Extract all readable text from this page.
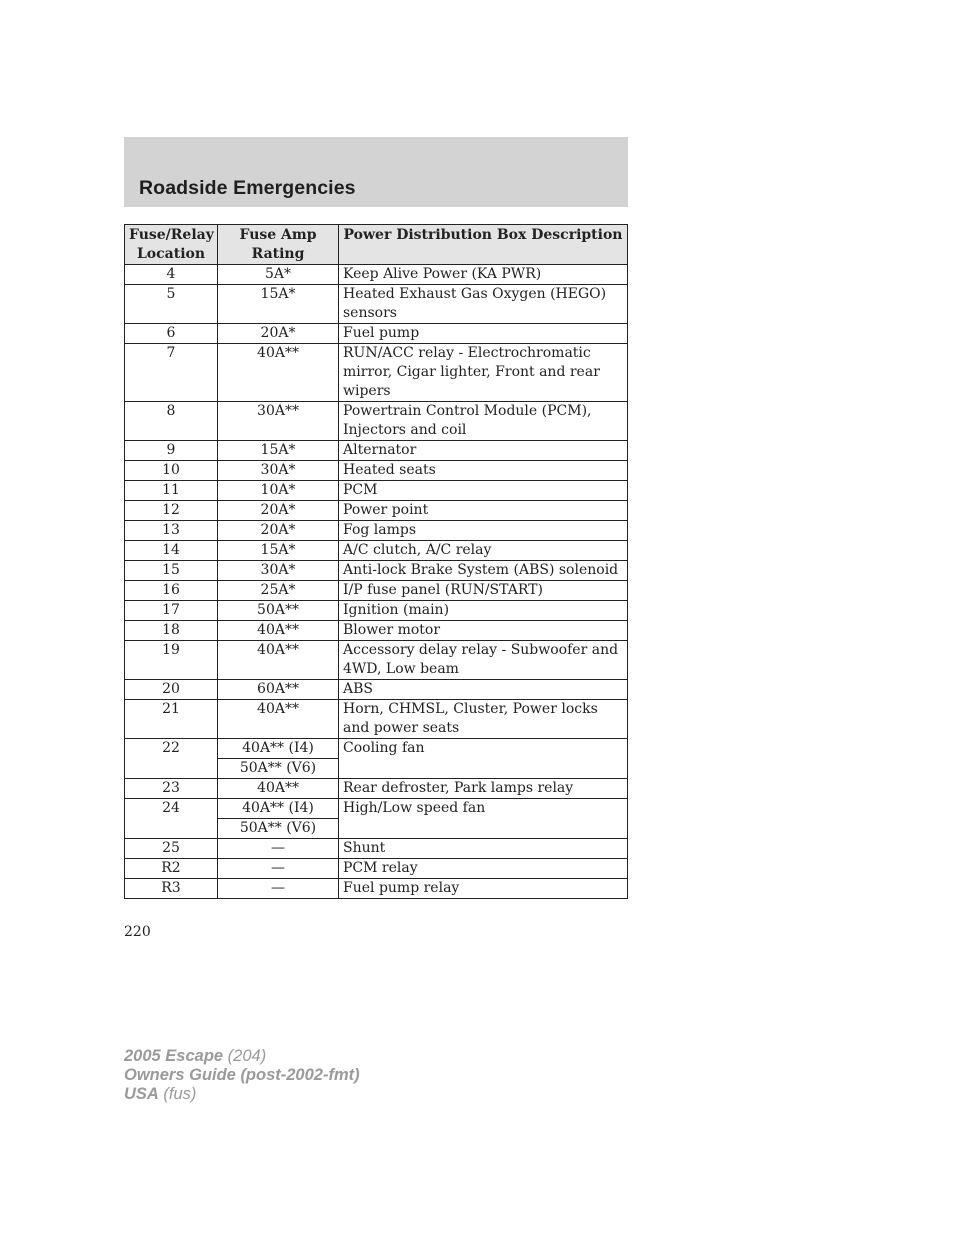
Roadside Emergencies
Fuse/Relay Location	Fuse Amp Rating	Power Distribution Box Description
4	5A*	Keep Alive Power (KA PWR)
5	15A*	Heated Exhaust Gas Oxygen (HEGO) sensors
6	20A*	Fuel pump
7	40A**	RUN/ACC relay - Electrochromatic mirror, Cigar lighter, Front and rear wipers
8	30A**	Powertrain Control Module (PCM), Injectors and coil
9	15A*	Alternator
10	30A*	Heated seats
11	10A*	PCM
12	20A*	Power point
13	20A*	Fog lamps
14	15A*	A/C clutch, A/C relay
15	30A*	Anti-lock Brake System (ABS) solenoid
16	25A*	I/P fuse panel (RUN/START)
17	50A**	Ignition (main)
18	40A**	Blower motor
19	40A**	Accessory delay relay - Subwoofer and 4WD, Low beam
20	60A**	ABS
21	40A**	Horn, CHMSL, Cluster, Power locks and power seats
22	40A** (I4)	Cooling fan
	50A** (V6)	
23	40A**	Rear defroster, Park lamps relay
24	40A** (I4)	High/Low speed fan
	50A** (V6)	
25	—	Shunt
R2	—	PCM relay
R3	—	Fuel pump relay
220
2005 Escape (204)
Owners Guide (post-2002-fmt)
USA (fus)
